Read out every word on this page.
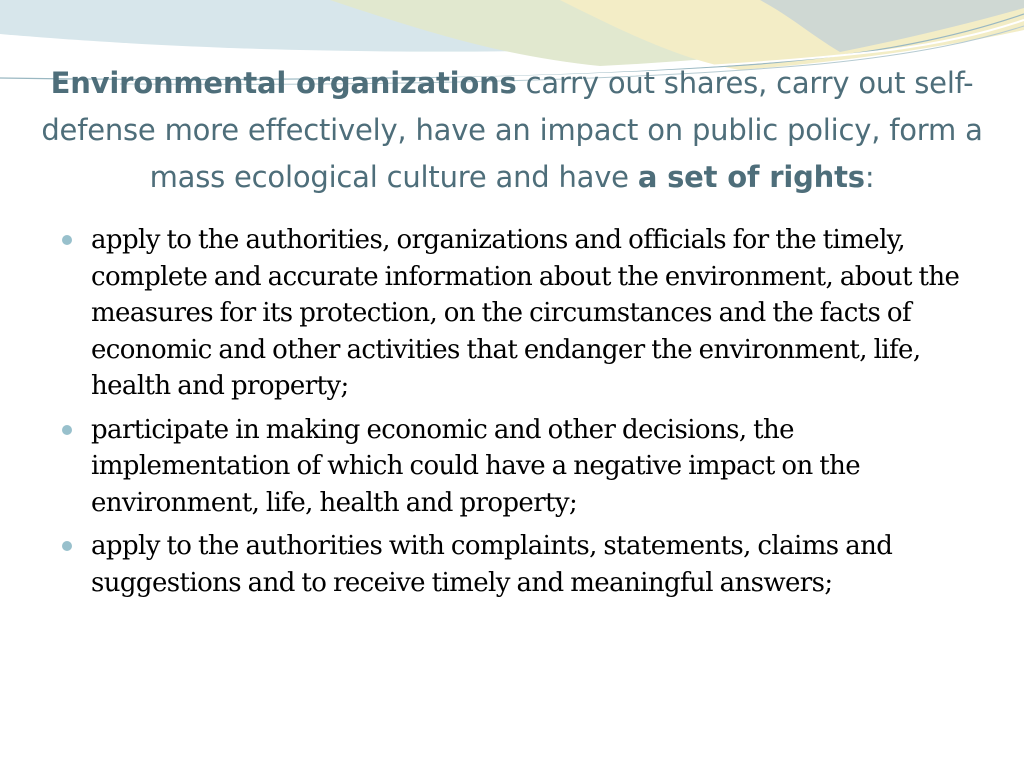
Environmental organizations carry out shares, carry out self-defense more effectively, have an impact on public policy, form a mass ecological culture and have a set of rights:
apply to the authorities, organizations and officials for the timely, complete and accurate information about the environment, about the measures for its protection, on the circumstances and the facts of economic and other activities that endanger the environment, life, health and property;
participate in making economic and other decisions, the implementation of which could have a negative impact on the environment, life, health and property;
apply to the authorities with complaints, statements, claims and suggestions and to receive timely and meaningful answers;
